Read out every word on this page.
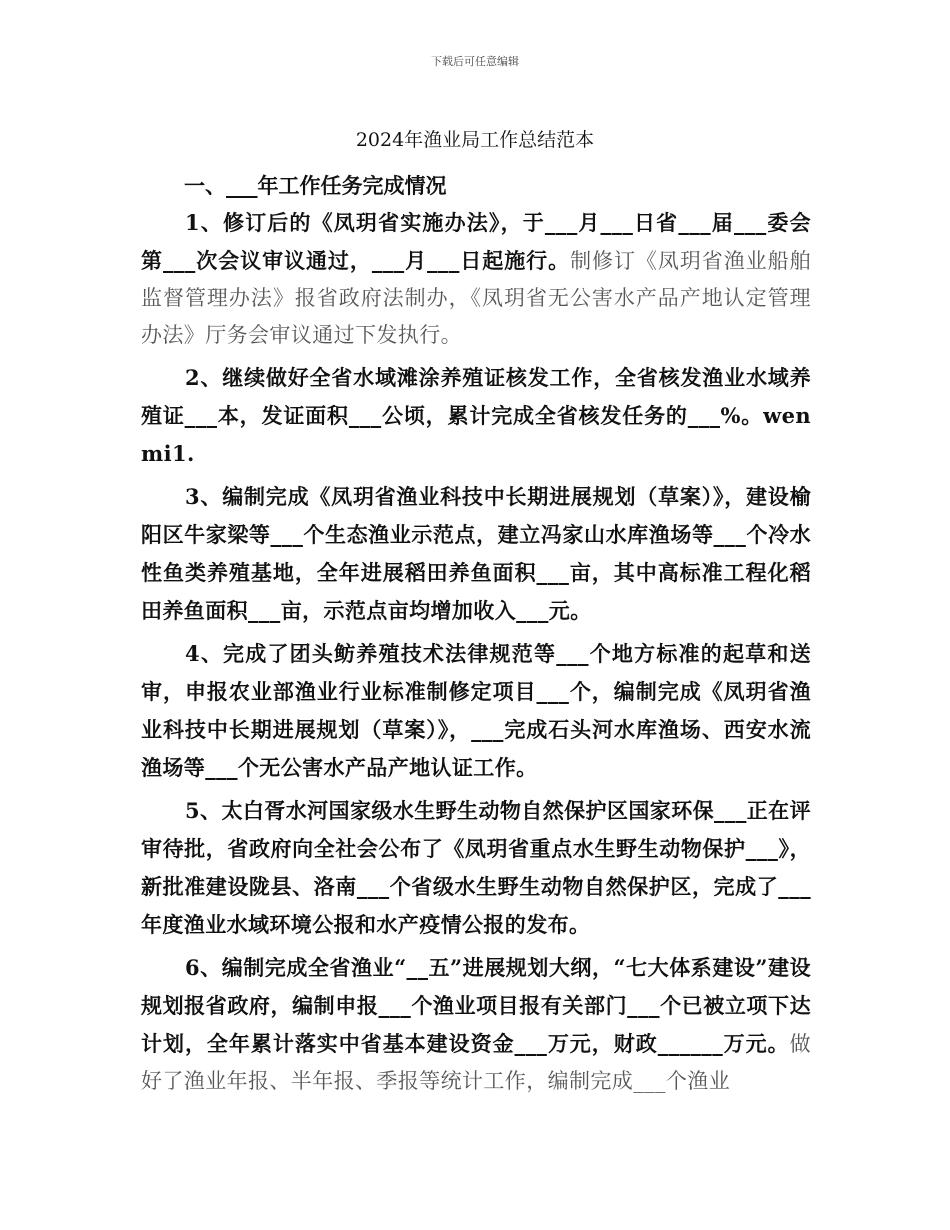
下载后可任意编辑
2024年渔业局工作总结范本
一、___年工作任务完成情况

1、修订后的《凤玥省实施办法》，于___月___日省___届___委会第___次会议审议通过，___月___日起施行。制修订《凤玥省渔业船舶监督管理办法》报省政府法制办，《凤玥省无公害水产品产地认定管理办法》厅务会审议通过下发执行。

2、继续做好全省水域滩涂养殖证核发工作，全省核发渔业水域养殖证___本，发证面积___公顷，累计完成全省核发任务的___%。wenmi1.

3、编制完成《凤玥省渔业科技中长期进展规划（草案）》，建设榆阳区牛家梁等___个生态渔业示范点，建立冯家山水库渔场等___个冷水性鱼类养殖基地，全年进展稻田养鱼面积___亩，其中高标准工程化稻田养鱼面积___亩，示范点亩均增加收入___元。

4、完成了团头鲂养殖技术法律规范等___个地方标准的起草和送审，申报农业部渔业行业标准制修定项目___个，编制完成《凤玥省渔业科技中长期进展规划（草案）》，___完成石头河水库渔场、西安水流渔场等___个无公害水产品产地认证工作。

5、太白胥水河国家级水生野生动物自然保护区国家环保___正在评审待批，省政府向全社会公布了《凤玥省重点水生野生动物保护___》，新批准建设陇县、洛南___个省级水生野生动物自然保护区，完成了___年度渔业水域环境公报和水产疫情公报的发布。

6、编制完成全省渔业“__五”进展规划大纲，“七大体系建设”建设规划报省政府，编制申报___个渔业项目报有关部门___个已被立项下达计划，全年累计落实中省基本建设资金___万元，财政______万元。做好了渔业年报、半年报、季报等统计工作，编制完成___个渔业
